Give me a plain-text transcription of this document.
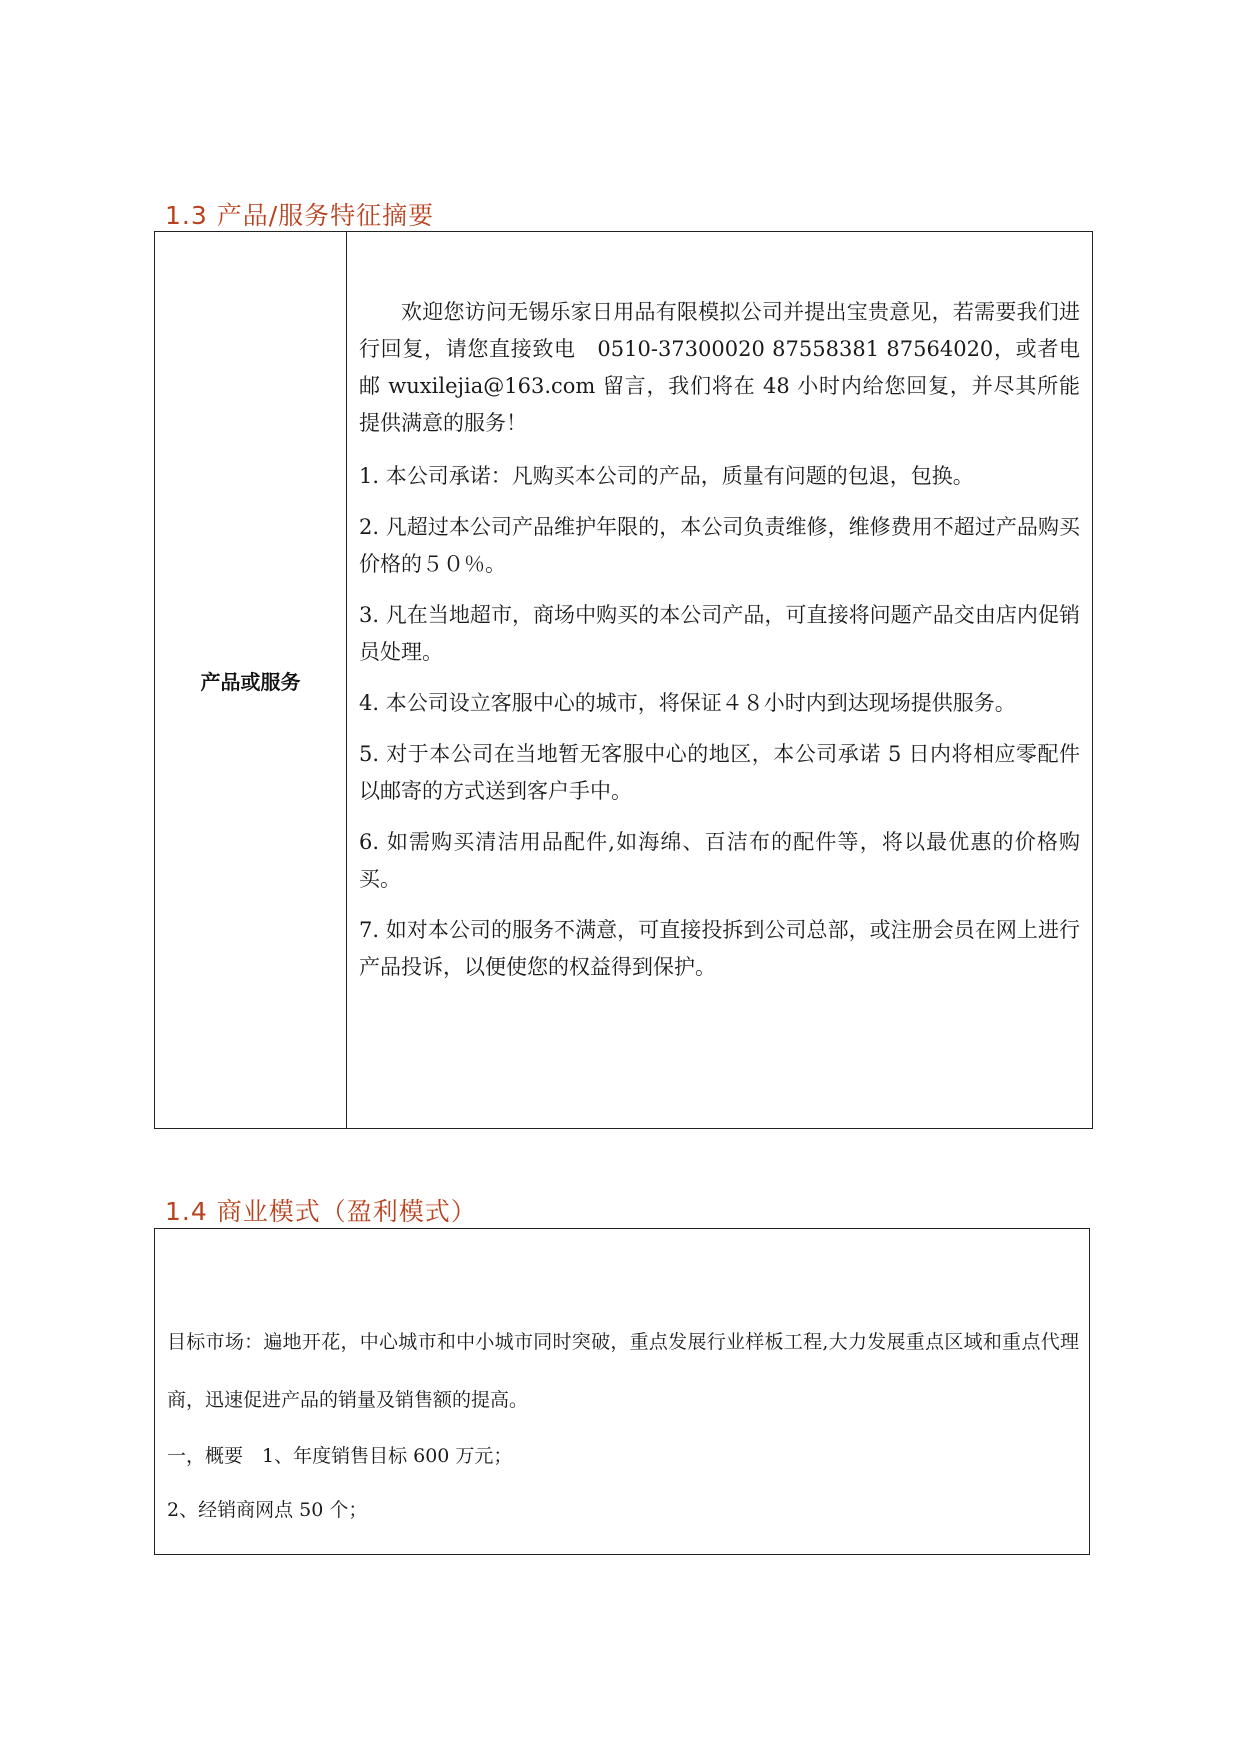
1.3 产品/服务特征摘要
产品或服务

欢迎您访问无锡乐家日用品有限模拟公司并提出宝贵意见，若需要我们进行回复，请您直接致电　0510-37300020 87558381 87564020，或者电邮 wuxilejia@163.com 留言，我们将在 48 小时内给您回复，并尽其所能提供满意的服务！

1. 本公司承诺：凡购买本公司的产品，质量有问题的包退，包换。

2. 凡超过本公司产品维护年限的，本公司负责维修，维修费用不超过产品购买价格的５０％。

3. 凡在当地超市，商场中购买的本公司产品，可直接将问题产品交由店内促销员处理。

4. 本公司设立客服中心的城市，将保证４８小时内到达现场提供服务。

5. 对于本公司在当地暂无客服中心的地区，本公司承诺 5 日内将相应零配件以邮寄的方式送到客户手中。

6. 如需购买清洁用品配件,如海绵、百洁布的配件等，将以最优惠的价格购买。

7. 如对本公司的服务不满意，可直接投拆到公司总部，或注册会员在网上进行产品投诉，以便使您的权益得到保护。

1.4 商业模式（盈利模式）

目标市场：遍地开花，中心城市和中小城市同时突破，重点发展行业样板工程,大力发展重点区域和重点代理商，迅速促进产品的销量及销售额的提高。

一，概要　1、年度销售目标 600 万元；

2、经销商网点 50 个；
